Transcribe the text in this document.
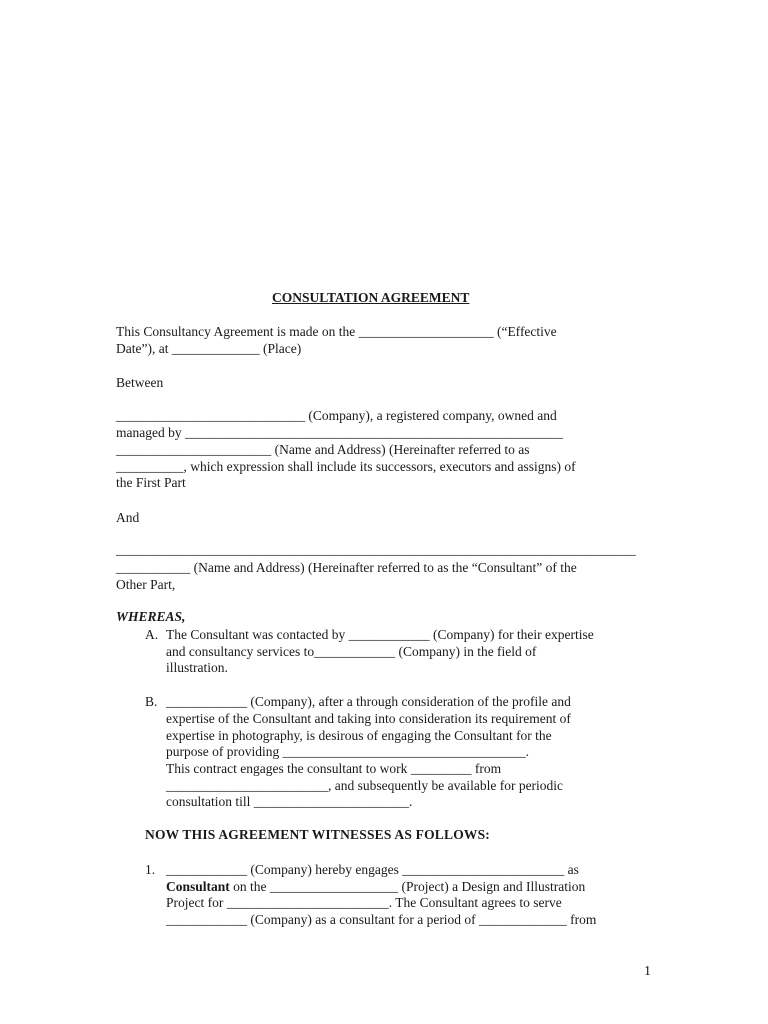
CONSULTATION AGREEMENT
This Consultancy Agreement is made on the ____________________ (“Effective
Date”), at _____________ (Place)
Between
____________________________ (Company), a registered company, owned and
managed by ________________________________________________________
_______________________ (Name and Address) (Hereinafter referred to as
__________, which expression shall include its successors, executors and assigns) of
the First Part
And
_____________________________________________________________________________
___________ (Name and Address) (Hereinafter referred to as the “Consultant” of the
Other Part,
WHEREAS,
A. The Consultant was contacted by ____________ (Company) for their expertise
and consultancy services to____________ (Company) in the field of
illustration.
B. ____________ (Company), after a through consideration of the profile and
expertise of the Consultant and taking into consideration its requirement of
expertise in photography, is desirous of engaging the Consultant for the
purpose of providing ____________________________________.
This contract engages the consultant to work _________ from
________________________, and subsequently be available for periodic
consultation till _______________________.
NOW THIS AGREEMENT WITNESSES AS FOLLOWS:
1. ____________ (Company) hereby engages ________________________ as
Consultant on the ___________________ (Project) a Design and Illustration
Project for ________________________. The Consultant agrees to serve
____________ (Company) as a consultant for a period of _____________ from
1
